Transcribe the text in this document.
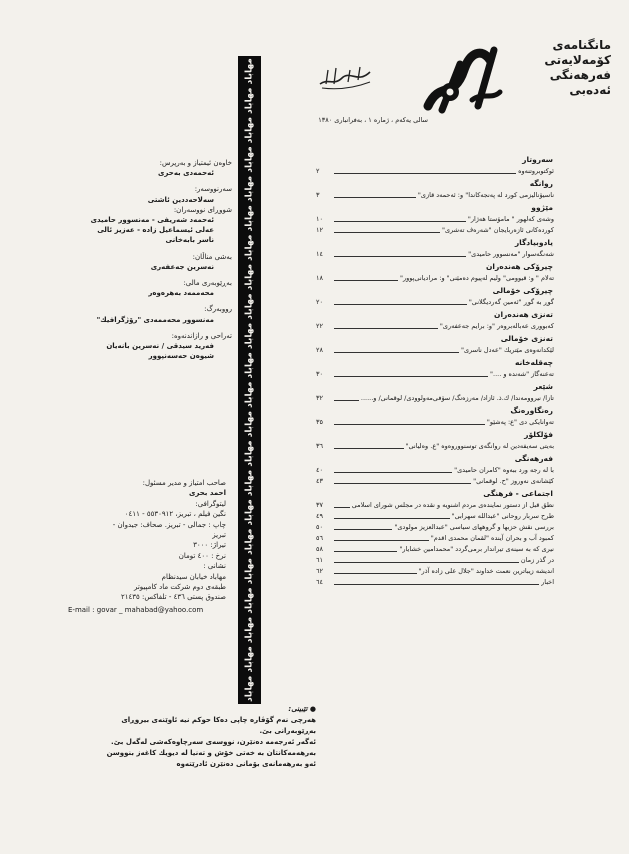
مانگنامەی
كۆمەلایەتی
فەرهەنگی
ئەدەبی
سالی یەكەم ، ژمارە ١ ، بەفرانباری ١٣٨٠
سەروتار
ئوكتوبروتنەوە
٢
روانگە
ناسیۆنالیزمی كورد لە پەنجەكاندا" و: ئەحمەد قازی"
٣
مێژوو
وشەی كەلهور " مامۆستا هەژار"
١٠
كوردەكانی ئازەربایجان "شەرەف تەشری"
١٢
یادوبیادگار
شەنگەسوار "مەنسوور حامیدی"
١٤
چیرۆكی هەندەران
تەلام " و: قیوومی" ولیم لەپیوم دەمێنی" و: مرادیانی‌پوور"
١٨
چیرۆكی خۆمالی
گوڕ بە گوڕ "ئەمین گەردیگلانی"
٢٠
تەنزی هەندەران
كەبووری عەبالەبروەر "و: برایم جەعفەری"
٢٢
تەنزی خۆمالی
لێكدانەوەی مێتریك "عەدل ناسری"
٢٨
چەقلەخانە
تەعنەگاز "شەندە و ...."
٣٠
شێعر
تازا/ نیروومەندا/ ك.ذ. ئازاد/ مەرزەنگ/ سۆفی‌مەولوودی/ لوقمانی/ و......
٣٢
رەنگاورەنگ
تەوانایكی دی "ع: پەشێو"
٣٥
فۆلكلۆر
بەیتی سەیفەدین لە روانگەی توسنووروەوە "ع. وەلیانی"
٣٦
فەرهەنگی
با لە رجە ورد ببەوە "كامران حامیدی"
٤٠
كێشانەی نەوروز "ح. لوقمانی"
٤٣
اجتماعی - فرهنگی
نطق قبل از دستور نمایندەی مردم اشنویە و نقدە در مجلس شورای اسلامی
٣٧
طرح سربار روحانی "عبداللە سهرابی"
٤٩
بررسی نقش حزبها و گروههای سیاسی "عبدالعزیز مولودی"
٥٠
كمبود آب و بحران آیندە "لقمان محمدی اقدم"
٥٦
نیری كە بە سینەی تیراندار برمی‌گردد "محمدامین خشایار"
٥٨
در گذر زمان
٦١
اندیشە زیباترین نعمت خداوند "جلال علی زادە آذر"
٦٢
اخبار
٦٤
مهاباد مهاباد مهاباد مهاباد مهاباد مهاباد مهاباد مهاباد مهاباد مهاباد مهاباد مهاباد مهاباد مهاباد مهاباد مهاباد مهاباد مهاباد مهاباد مهاباد مهاباد مهاباد
خاوەن ئیمتیاز و بەرپرس:
ئەحمەدی بەحری
سەرنووسەر:
سەلاحەددین ئاشتی
شووڕای نووسەران:
ئەحمەد شەریفی - مەنسوور حامیدی
عەلی ئیسماعیل زادە - عەزیز ئالی
ناسر بابەخانی
بەشی مناڵان:
نەسرین جەعفەری
بەڕێوبەری مالی:
محەممەد بەهرەوەر
رووبەرگ:
مەنسوور محەممەدی "رۆژگرافیك"
تەراحی و رازاندنەوە:
فەرید سیدقی / نەسرین بانەیان
شیوەن حەسەنپوور
صاحب امتیاز و مدیر مسئول:
احمد بحری
لیتوگرافی:
نگین فیلم ، تبریز، ٥٥٣٠٩١٢ - ٠٤١١
چاپ : جمالی - تبریز. صحاف: جیدوان -
تبریز
تیراژ: ٣٠٠٠
نرخ : ٤٠٠ تومان
نشانی :
مهاباد خیابان سیدنظام
طبقەی دوم شرکت ماد کامپیوتر
صندوق پستی ٤٣٦ - تلفاكس: ٢١٤٣٥
E-mail : govar _ mahabad@yahoo.com
● تێبینی:
هەرچی نەم گۆڤارە چاپی دەكا حوكم نیە ئاوێنەی بیروڕای بەڕێوبەرانی بێ.
ئەگەر ئەرجەمە دەنێرن، نووسەی سەرچاوەكەشی لەگەل بێ.
بەرهەمەكانتان بە خەتی خۆش و تەنیا لە دیویك كاغەز بنووسن
ئەو بەرهەمانەی بۆمانی دەنێرن ئادرێتەوە
